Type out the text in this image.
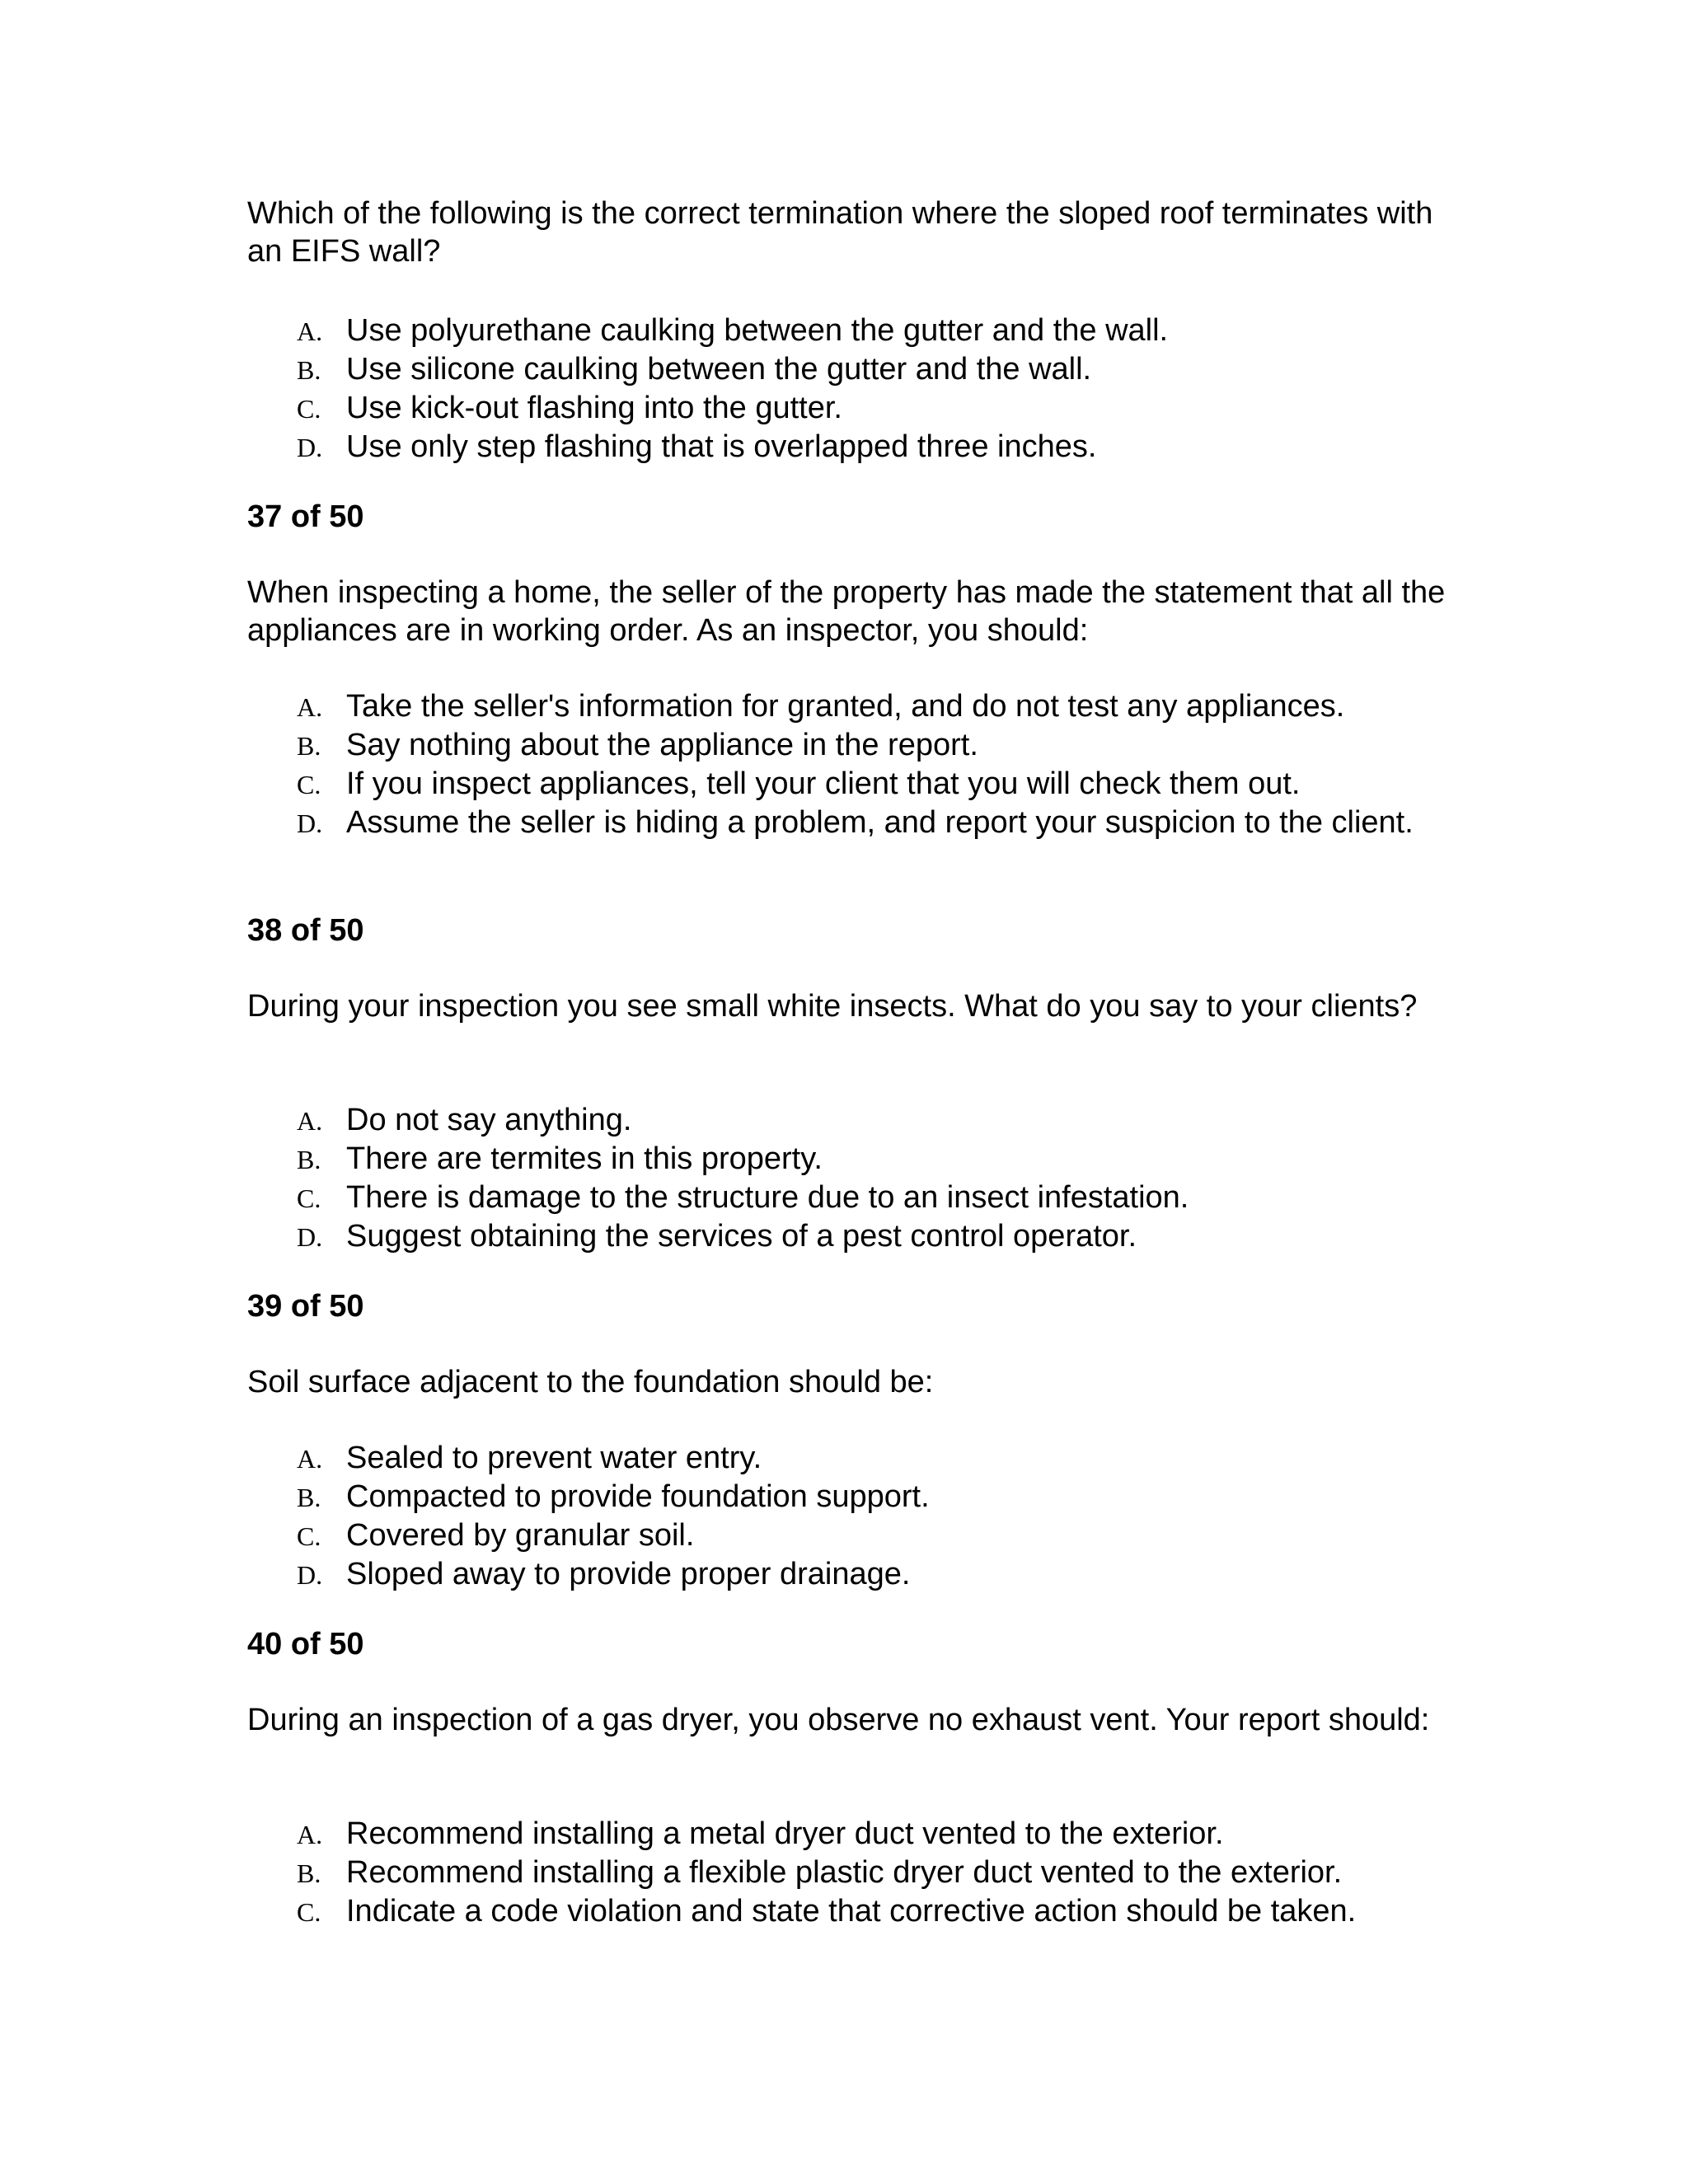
Which of the following is the correct termination where the sloped roof terminates with an EIFS wall?

A. Use polyurethane caulking between the gutter and the wall.
B. Use silicone caulking between the gutter and the wall.
C. Use kick-out flashing into the gutter.
D. Use only step flashing that is overlapped three inches.

37 of 50

When inspecting a home, the seller of the property has made the statement that all the appliances are in working order. As an inspector, you should:

A. Take the seller's information for granted, and do not test any appliances.
B. Say nothing about the appliance in the report.
C. If you inspect appliances, tell your client that you will check them out.
D. Assume the seller is hiding a problem, and report your suspicion to the client.

38 of 50

During your inspection you see small white insects. What do you say to your clients?

A. Do not say anything.
B. There are termites in this property.
C. There is damage to the structure due to an insect infestation.
D. Suggest obtaining the services of a pest control operator.

39 of 50

Soil surface adjacent to the foundation should be:

A. Sealed to prevent water entry.
B. Compacted to provide foundation support.
C. Covered by granular soil.
D. Sloped away to provide proper drainage.

40 of 50

During an inspection of a gas dryer, you observe no exhaust vent. Your report should:

A. Recommend installing a metal dryer duct vented to the exterior.
B. Recommend installing a flexible plastic dryer duct vented to the exterior.
C. Indicate a code violation and state that corrective action should be taken.
